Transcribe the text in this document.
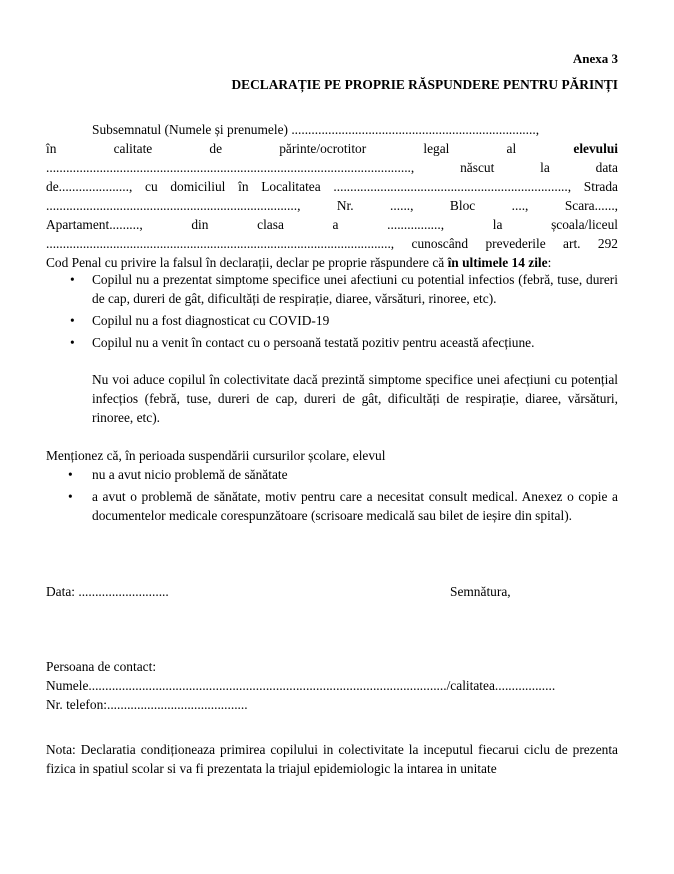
Anexa 3
DECLARAȚIE PE PROPRIE RĂSPUNDERE PENTRU PĂRINȚI
Subsemnatul (Numele și prenumele) .........................................................................,
în	calitate	de	părinte/ocrotitor	legal	al	elevului
.............................................................................................................,	născut	la	data
de....................., cu domiciliul în Localitatea ......................................................................, Strada
...........................................................................,	Nr.	......,	Bloc	....,	Scara......,
Apartament.........,	din	clasa	a	................,	la	școala/liceul
......................................................................................................., cunoscând prevederile art. 292
Cod Penal cu privire la falsul în declarații, declar pe proprie răspundere că în ultimele 14 zile:
• Copilul nu a prezentat simptome specifice unei afectiuni cu potential infectios (febră, tuse, dureri de cap, dureri de gât, dificultăți de respirație, diaree, vărsături, rinoree, etc).
• Copilul nu a fost diagnosticat cu COVID-19
• Copilul nu a venit în contact cu o persoană testată pozitiv pentru această afecțiune.
Nu voi aduce copilul în colectivitate dacă prezintă simptome specifice unei afecțiuni cu potențial infecțios (febră, tuse, dureri de cap, dureri de gât, dificultăți de respirație, diaree, vărsături, rinoree, etc).
Menționez că, în perioada suspendării cursurilor școlare, elevul
• nu a avut nicio problemă de sănătate
• a avut o problemă de sănătate, motiv pentru care a necesitat consult medical. Anexez o copie a documentelor medicale corespunzătoare (scrisoare medicală sau bilet de ieșire din spital).
Data: ...........................	Semnătura,
Persoana de contact:
Numele.........................................................................................................../calitatea..................
Nr. telefon:..........................................
Nota: Declaratia condiționeaza primirea copilului in colectivitate la inceputul fiecarui ciclu de prezenta fizica in spatiul scolar si va fi prezentata la triajul epidemiologic la intarea in unitate
